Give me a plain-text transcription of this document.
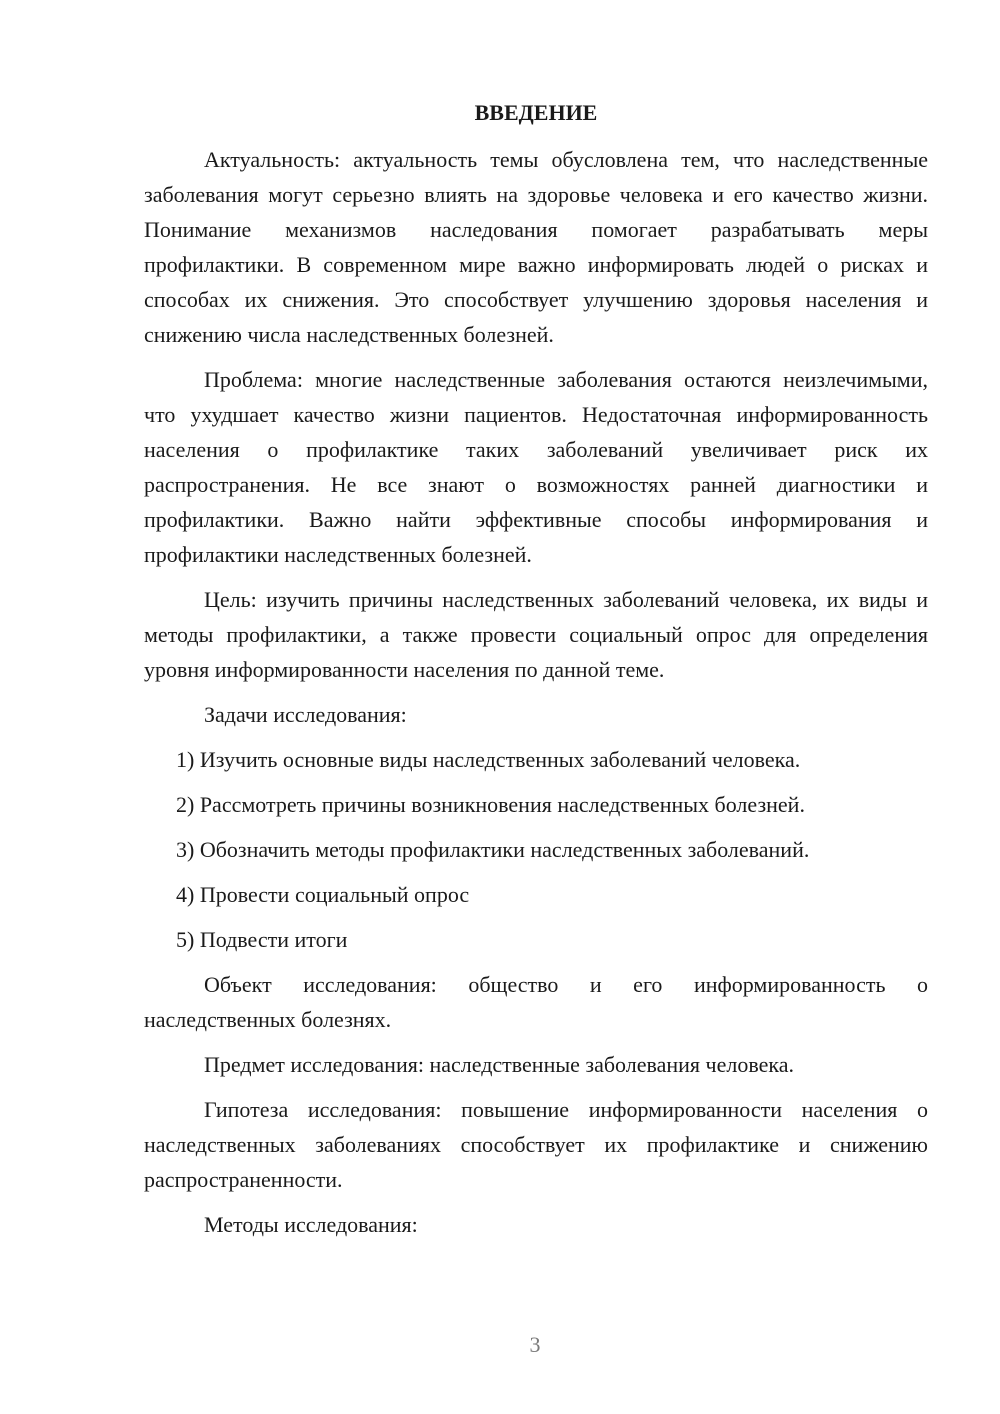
ВВЕДЕНИЕ

Актуальность: актуальность темы обусловлена тем, что наследственные заболевания могут серьезно влиять на здоровье человека и его качество жизни. Понимание механизмов наследования помогает разрабатывать меры профилактики. В современном мире важно информировать людей о рисках и способах их снижения. Это способствует улучшению здоровья населения и снижению числа наследственных болезней.

Проблема: многие наследственные заболевания остаются неизлечимыми, что ухудшает качество жизни пациентов. Недостаточная информированность населения о профилактике таких заболеваний увеличивает риск их распространения. Не все знают о возможностях ранней диагностики и профилактики. Важно найти эффективные способы информирования и профилактики наследственных болезней.

Цель: изучить причины наследственных заболеваний человека, их виды и методы профилактики, а также провести социальный опрос для определения уровня информированности населения по данной теме.

Задачи исследования:

1) Изучить основные виды наследственных заболеваний человека.

2) Рассмотреть причины возникновения наследственных болезней.

3) Обозначить методы профилактики наследственных заболеваний.

4) Провести социальный опрос

5) Подвести итоги

Объект исследования: общество и его информированность о наследственных болезнях.

Предмет исследования: наследственные заболевания человека.

Гипотеза исследования: повышение информированности населения о наследственных заболеваниях способствует их профилактике и снижению распространенности.

Методы исследования:

3
